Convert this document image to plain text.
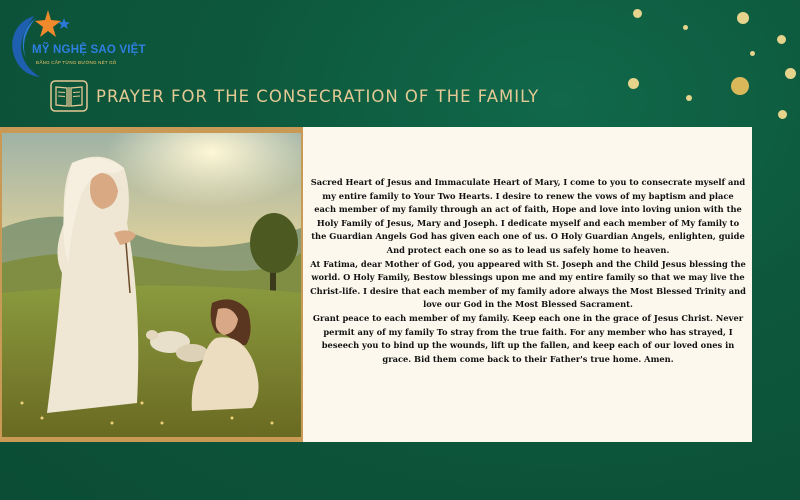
MỸ NGHỆ SAO VIỆT
ĐẲNG CẤP TỪNG ĐƯỜNG NÉT GỖ
PRAYER FOR THE CONSECRATION OF THE FAMILY

Sacred Heart of Jesus and Immaculate Heart of Mary, I come to you to consecrate myself and my entire family to Your Two Hearts. I desire to renew the vows of my baptism and place each member of my family through an act of faith, Hope and love into loving union with the Holy Family of Jesus, Mary and Joseph. I dedicate myself and each member of My family to the Guardian Angels God has given each one of us. O Holy Guardian Angels, enlighten, guide And protect each one so as to lead us safely home to heaven.

At Fatima, dear Mother of God, you appeared with St. Joseph and the Child Jesus blessing the world. O Holy Family, Bestow blessings upon me and my entire family so that we may live the Christ-life. I desire that each member of my family adore always the Most Blessed Trinity and love our God in the Most Blessed Sacrament.

Grant peace to each member of my family. Keep each one in the grace of Jesus Christ. Never permit any of my family To stray from the true faith. For any member who has strayed, I beseech you to bind up the wounds, lift up the fallen, and keep each of our loved ones in grace. Bid them come back to their Father's true home. Amen.
